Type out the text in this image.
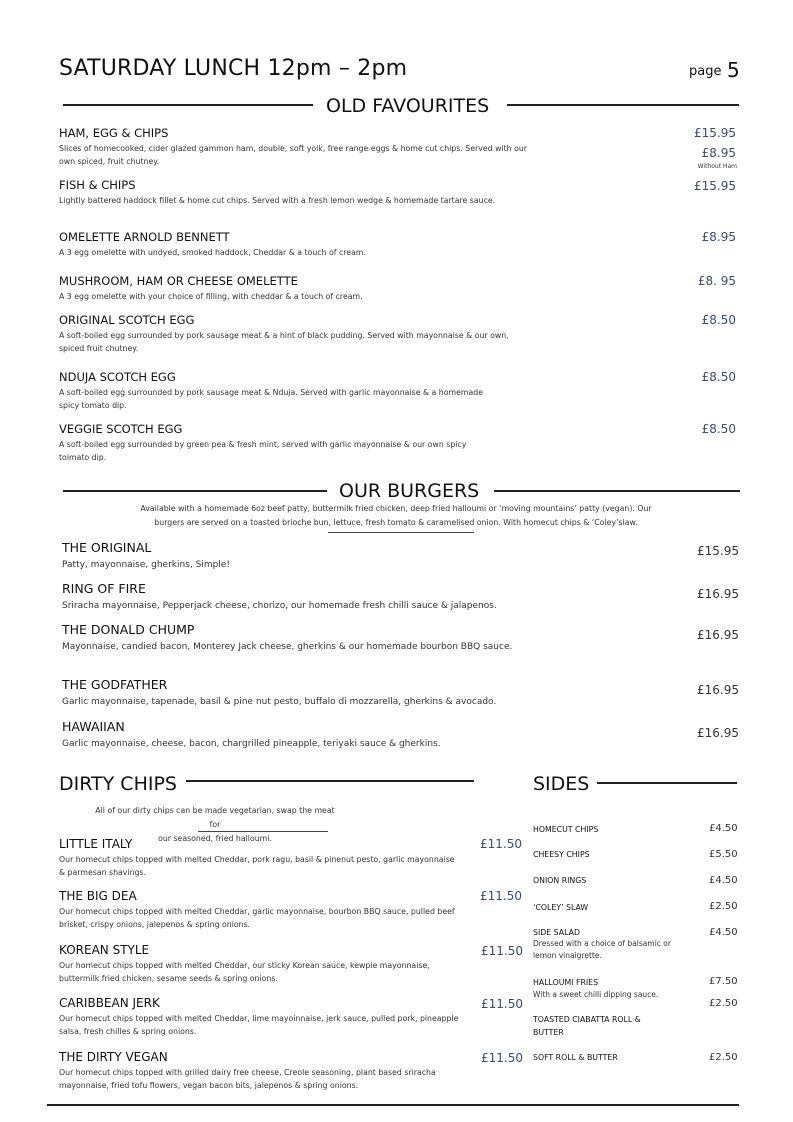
SATURDAY LUNCH 12pm – 2pm	page 5
OLD FAVOURITES
HAM, EGG & CHIPS
Slices of homecooked, cider glazed gammon ham, double, soft yolk, free range eggs & home cut chips. Served with our own spiced, fruit chutney.
£15.95
£8.95
Without Ham
FISH & CHIPS
Lightly battered haddock fillet & home cut chips. Served with a fresh lemon wedge & homemade tartare sauce.
£15.95
OMELETTE ARNOLD BENNETT
A 3 egg omelette with undyed, smoked haddock, Cheddar & a touch of cream.
£8.95
MUSHROOM, HAM OR CHEESE OMELETTE
A 3 egg omelette with your choice of filling, with cheddar & a touch of cream.
£8. 95
ORIGINAL SCOTCH EGG
A soft-boiled egg surrounded by pork sausage meat & a hint of black pudding. Served with mayonnaise & our own, spiced fruit chutney.
£8.50
NDUJA SCOTCH EGG
A soft-boiled egg surrounded by pork sausage meat & Nduja. Served with garlic mayonnaise & a homemade spicy tomato dip.
£8.50
VEGGIE SCOTCH EGG
A soft-boiled egg surrounded by green pea & fresh mint, served with garlic mayonnaise & our own spicy toimato dip.
£8.50
OUR BURGERS
Available with a homemade 6oz beef patty, buttermilk fried chicken, deep fried halloumi or ‘moving mountains’ patty (vegan). Our
burgers are served on a toasted brioche bun, lettuce, fresh tomato & caramelised onion. With homecut chips & ‘Coley’slaw.
THE ORIGINAL
Patty, mayonnaise, gherkins, Simple!
£15.95
RING OF FIRE
Sriracha mayonnaise, Pepperjack cheese, chorizo, our homemade fresh chilli sauce & jalapenos.
£16.95
THE DONALD CHUMP
Mayonnaise, candied bacon, Monterey Jack cheese, gherkins & our homemade bourbon BBQ sauce.
£16.95
THE GODFATHER
Garlic mayonnaise, tapenade, basil & pine nut pesto, buffalo di mozzarella, gherkins & avocado.
£16.95
HAWAIIAN
Garlic mayonnaise, cheese, bacon, chargrilled pineapple, teriyaki sauce & gherkins.
£16.95
DIRTY CHIPS
All of our dirty chips can be made vegetarian, swap the meat for
our seasoned, fried halloumi.
LITTLE ITALY
Our homecut chips topped with melted Cheddar, pork ragu, basil & pinenut pesto, garlic mayonnaise & parmesan shavings.
£11.50
THE BIG DEA
Our homecut chips topped with melted Cheddar, garlic mayonnaise, bourbon BBQ sauce, pulled beef brisket, crispy onions, jalepenos & spring onions.
£11.50
KOREAN STYLE
Our homecut chips topped with melted Cheddar, our sticky Korean sauce, kewpie mayonnaise, buttermilk fried chicken, sesame seeds & spring onions.
£11.50
CARIBBEAN JERK
Our homecut chips topped with melted Cheddar, lime mayoinnaise, jerk sauce, pulled pork, pineapple salsa, fresh chilles & spring onions.
£11.50
THE DIRTY VEGAN
Our homecut chips topped with grilled dairy free cheese, Creole seasoning, plant based sriracha mayonnaise, fried tofu flowers, vegan bacon bits, jalepenos & spring onions.
£11.50
SIDES
HOMECUT CHIPS	£4.50
CHEESY CHIPS	£5.50
ONION RINGS	£4.50
‘COLEY’ SLAW	£2.50
SIDE SALAD
Dressed with a choice of balsamic or lemon vinaigrette.
£4.50
HALLOUMI FRIES
With a sweet chilli dipping sauce.
£7.50
TOASTED CIABATTA ROLL & BUTTER
£2.50
SOFT ROLL & BUTTER	£2.50
